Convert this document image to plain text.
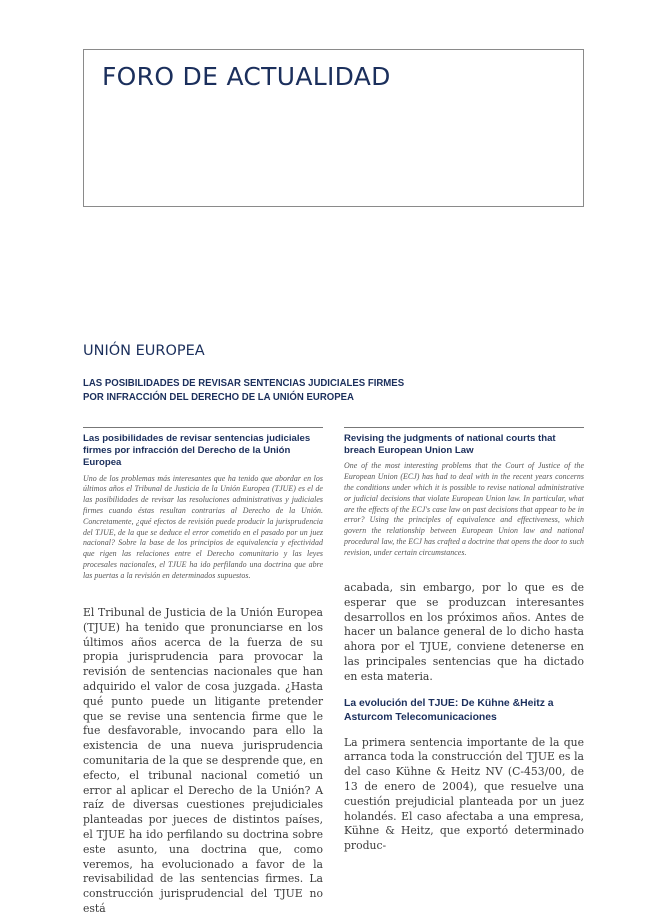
FORO DE ACTUALIDAD
UNIÓN EUROPEA
LAS POSIBILIDADES DE REVISAR SENTENCIAS JUDICIALES FIRMES
POR INFRACCIÓN DEL DERECHO DE LA UNIÓN EUROPEA
Las posibilidades de revisar sentencias judiciales firmes por infracción del Derecho de la Unión Europea

Uno de los problemas más interesantes que ha tenido que abordar en los últimos años el Tribunal de Justicia de la Unión Europea (TJUE) es el de las posibilidades de revisar las resoluciones administrativas y judiciales firmes cuando éstas resultan contrarias al Derecho de la Unión. Concretamente, ¿qué efectos de revisión puede producir la jurisprudencia del TJUE, de la que se deduce el error cometido en el pasado por un juez nacional? Sobre la base de los principios de equivalencia y efectividad que rigen las relaciones entre el Derecho comunitario y las leyes procesales nacionales, el TJUE ha ido perfilando una doctrina que abre las puertas a la revisión en determinados supuestos.

Revising the judgments of national courts that breach European Union Law

One of the most interesting problems that the Court of Justice of the European Union (ECJ) has had to deal with in the recent years concerns the conditions under which it is possible to revise national administrative or judicial decisions that violate European Union law. In particular, what are the effects of the ECJ's case law on past decisions that appear to be in error? Using the principles of equivalence and effectiveness, which govern the relationship between European Union law and national procedural law, the ECJ has crafted a doctrine that opens the door to such revision, under certain circumstances.

El Tribunal de Justicia de la Unión Europea (TJUE) ha tenido que pronunciarse en los últimos años acerca de la fuerza de su propia jurisprudencia para provocar la revisión de sentencias nacionales que han adquirido el valor de cosa juzgada. ¿Hasta qué punto puede un litigante pretender que se revise una sentencia firme que le fue desfavorable, invocando para ello la existencia de una nueva jurisprudencia comunitaria de la que se desprende que, en efecto, el tribunal nacional cometió un error al aplicar el Derecho de la Unión? A raíz de diversas cuestiones prejudiciales planteadas por jueces de distintos países, el TJUE ha ido perfilando su doctrina sobre este asunto, una doctrina que, como veremos, ha evolucionado a favor de la revisabilidad de las sentencias firmes. La construcción jurisprudencial del TJUE no está

acabada, sin embargo, por lo que es de esperar que se produzcan interesantes desarrollos en los próximos años. Antes de hacer un balance general de lo dicho hasta ahora por el TJUE, conviene detenerse en las principales sentencias que ha dictado en esta materia.

La evolución del TJUE: De Kühne &Heitz a Asturcom Telecomunicaciones

La primera sentencia importante de la que arranca toda la construcción del TJUE es la del caso Kühne & Heitz NV (C-453/00, de 13 de enero de 2004), que resuelve una cuestión prejudicial planteada por un juez holandés. El caso afectaba a una empresa, Kühne & Heitz, que exportó determinado produc-
